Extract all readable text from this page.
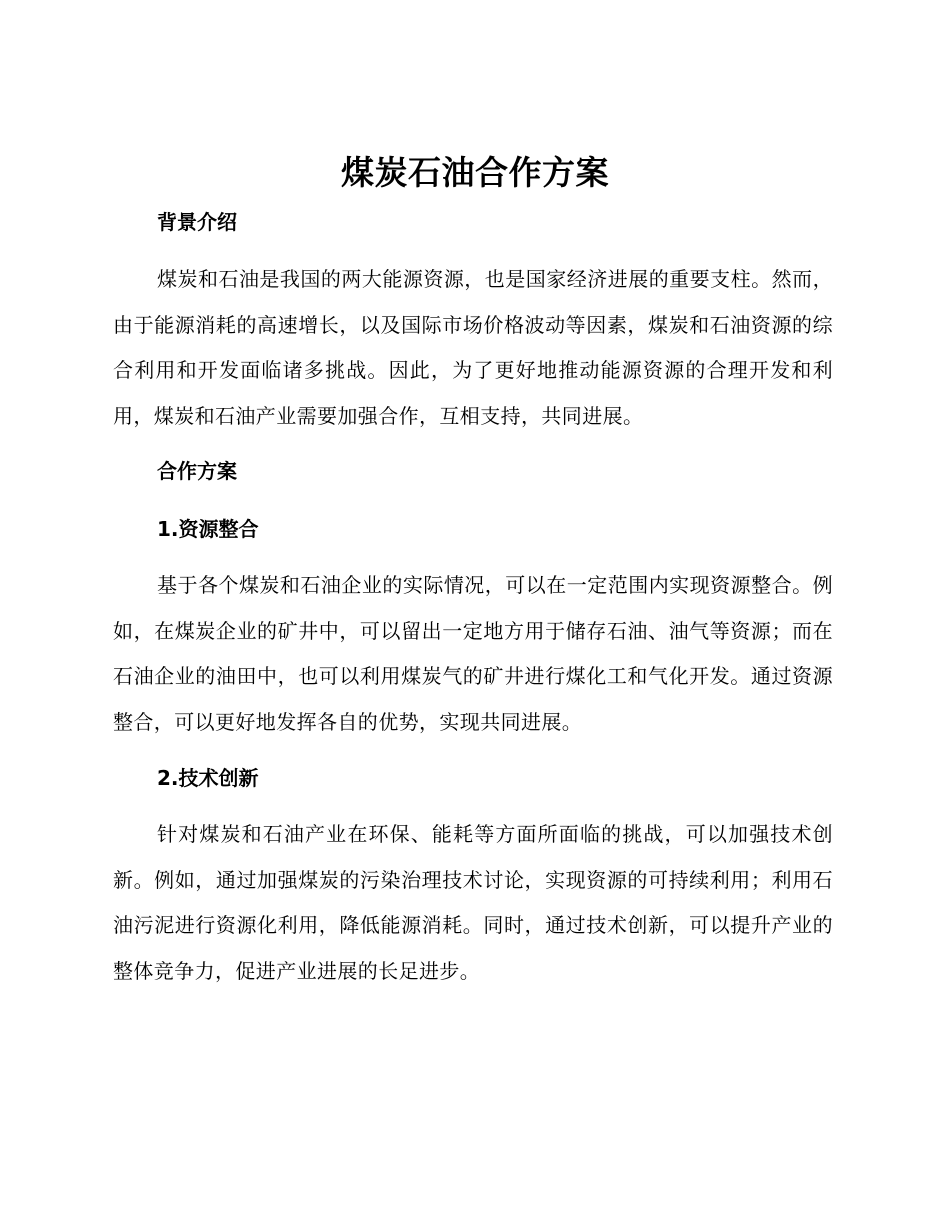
煤炭石油合作方案
背景介绍

煤炭和石油是我国的两大能源资源，也是国家经济进展的重要支柱。然而，由于能源消耗的高速增长，以及国际市场价格波动等因素，煤炭和石油资源的综合利用和开发面临诸多挑战。因此，为了更好地推动能源资源的合理开发和利用，煤炭和石油产业需要加强合作，互相支持，共同进展。

合作方案
1.资源整合

基于各个煤炭和石油企业的实际情况，可以在一定范围内实现资源整合。例如，在煤炭企业的矿井中，可以留出一定地方用于储存石油、油气等资源；而在石油企业的油田中，也可以利用煤炭气的矿井进行煤化工和气化开发。通过资源整合，可以更好地发挥各自的优势，实现共同进展。

2.技术创新

针对煤炭和石油产业在环保、能耗等方面所面临的挑战，可以加强技术创新。例如，通过加强煤炭的污染治理技术讨论，实现资源的可持续利用；利用石油污泥进行资源化利用，降低能源消耗。同时，通过技术创新，可以提升产业的整体竞争力，促进产业进展的长足进步。
